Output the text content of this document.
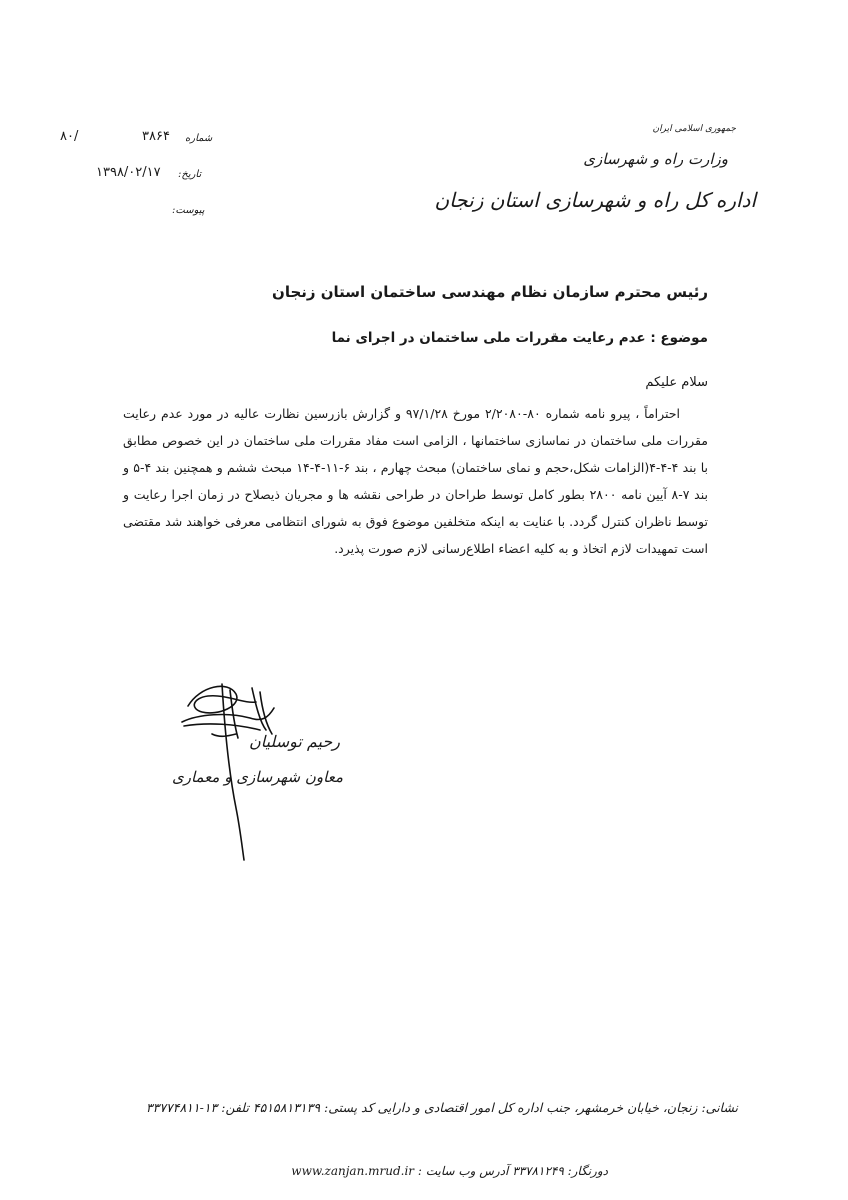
جمهوری اسلامی ایران
وزارت راه و شهرسازی
اداره کل راه و شهرسازی استان زنجان
شماره
۳۸۶۴
۸۰/
تاریخ:
۱۳۹۸/۰۲/۱۷
پیوست:
رئیس محترم سازمان نظام مهندسی ساختمان استان زنجان
موضوع : عدم رعایت مقررات ملی ساختمان در اجرای نما
سلام علیکم
احتراماً ، پیرو نامه شماره ۸۰-۲/۲۰۸۰ مورخ ۹۷/۱/۲۸ و گزارش بازرسین نظارت عالیه در مورد عدم رعایت مقررات ملی ساختمان در نماسازی ساختمانها ، الزامی است مفاد مقررات ملی ساختمان در این خصوص مطابق با بند ۴-۴-۴(الزامات شکل،حجم و نمای ساختمان) مبحث چهارم ، بند ۶-۱۱-۴-۱۴ مبحث ششم و همچنین بند ۴-۵ و بند ۷-۸ آیین نامه ۲۸۰۰ بطور کامل توسط طراحان در طراحی نقشه ها و مجریان ذیصلاح در زمان اجرا رعایت و توسط ناظران کنترل گردد. با عنایت به اینکه متخلفین موضوع فوق به شورای انتظامی معرفی خواهند شد مقتضی است تمهیدات لازم اتخاذ و به کلیه اعضاء اطلاع‌رسانی لازم صورت پذیرد.
رحیم توسلیان
معاون شهرسازی و معماری
نشانی: زنجان، خیابان خرمشهر، جنب اداره کل امور اقتصادی و دارایی کد پستی: ۴۵۱۵۸۱۳۱۳۹ تلفن: ۱۳-۳۳۷۷۴۸۱۱
دورنگار: ۳۳۷۸۱۲۴۹ آدرس وب سایت : www.zanjan.mrud.ir
